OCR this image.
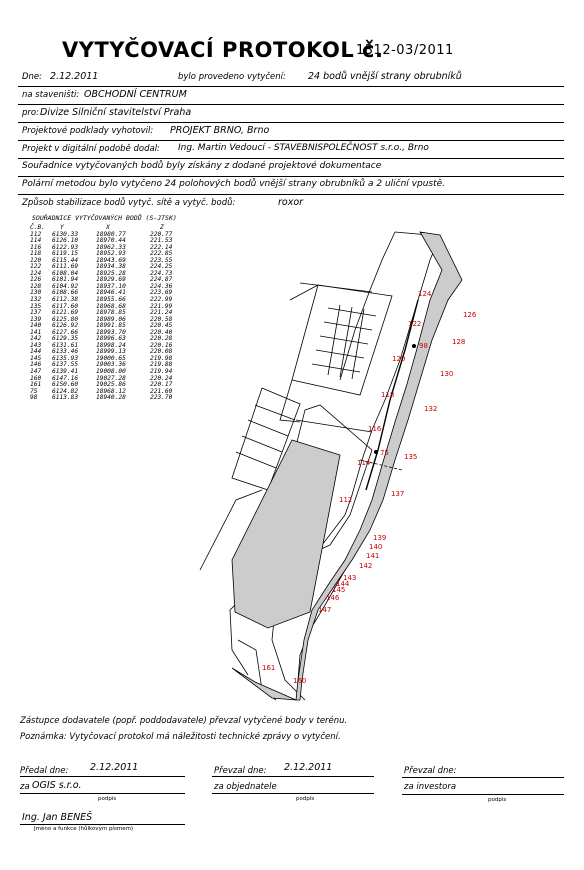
VYTYČOVACÍ PROTOKOL č.
1312-03/2011
Dne: 2.12.2011	bylo provedeno vytyčení: 24 bodů vnější strany obrubníků
na staveništi: OBCHODNÍ CENTRUM
pro: Divize Silniční stavitelství Praha
Projektové podklady vyhotovil: PROJEKT BRNO, Brno
Projekt v digitální podobě dodal: Ing. Martin Vedoucí - STAVEBNISPOLEČNOST s.r.o., Brno
Souřadnice vytyčovaných bodů byly získány z dodané projektové dokumentace
Polární metodou bylo vytyčeno 24 polohových bodů vnější strany obrubníků a 2 uliční vpustě.
Způsob stabilizace bodů vytyč. sítě a vytyč. bodů:	roxor
SOUŘADNICE VYTYČOVANÝCH BODŮ (S-JTSK)
Č.B. Y	X	Z
112 6130.33	18980.77	220.77
114 6126.10	18970.44	221.53
116 6122.93	18962.33	222.14
118 6119.15	18952.93	222.85
120 6115.44	18943.69	223.55
122 6111.69	18934.38	224.25
124 6108.04	18925.28	224.73
126 6101.94	18929.69	224.87
128 6104.92	18937.10	224.36
130 6108.66	18946.41	223.69
132 6112.38	18955.66	222.99
135 6117.60	18968.68	221.99
137 6121.69	18978.85	221.24
139 6125.80	18989.06	220.58
140 6126.92	18991.85	220.45
141 6127.66	18993.70	220.40
142 6129.35	18996.63	220.28
143 6131.61	18998.24	220.16
144 6133.46	18999.13	220.08
145 6135.93	19000.65	219.98
146 6137.55	19003.36	219.88
147 6139.41	19008.00	219.94
160 6147.16	19027.28	220.24
161 6150.60	19025.86	220.17
75 6124.82	18968.12	221.60
98 6113.83	18940.28	223.70
124
126
122
98	128
120
130
118
132
116
75
114
135
112
137
139
140
141
142
143
144
145
146
147
161
160
Zástupce dodavatele (popř. poddodavatele) převzal vytyčené body v terénu.
Poznámka: Vytyčovací protokol má náležitosti technické zprávy o vytyčení.
Předal dne: 2.12.2011
za OGIS s.r.o.
podpis
Převzal dne: 2.12.2011
za objednatele
podpis
Převzal dne:
za investora
podpis
Ing. Jan BENEŠ
Jméno a funkce (hůlkovým písmem)
